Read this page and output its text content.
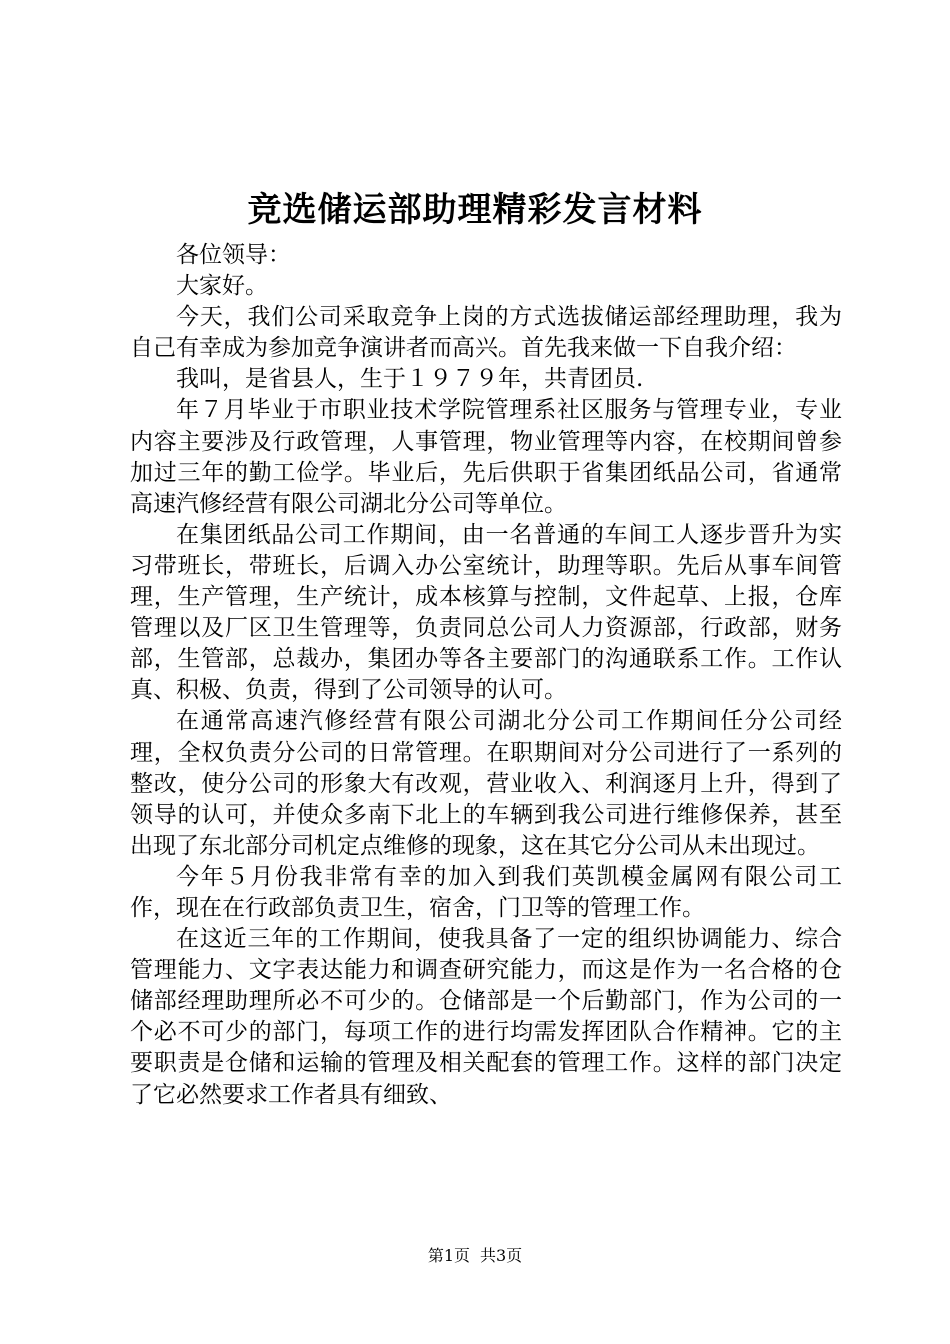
竞选储运部助理精彩发言材料

各位领导：

大家好。

今天，我们公司采取竞争上岗的方式选拔储运部经理助理，我为自己有幸成为参加竞争演讲者而高兴。首先我来做一下自我介绍：

我叫，是省县人，生于１９７９年，共青团员.

年７月毕业于市职业技术学院管理系社区服务与管理专业，专业内容主要涉及行政管理，人事管理，物业管理等内容，在校期间曾参加过三年的勤工俭学。毕业后，先后供职于省集团纸品公司，省通常高速汽修经营有限公司湖北分公司等单位。

在集团纸品公司工作期间，由一名普通的车间工人逐步晋升为实习带班长，带班长，后调入办公室统计，助理等职。先后从事车间管理，生产管理，生产统计，成本核算与控制，文件起草、上报，仓库管理以及厂区卫生管理等，负责同总公司人力资源部，行政部，财务部，生管部，总裁办，集团办等各主要部门的沟通联系工作。工作认真、积极、负责，得到了公司领导的认可。

在通常高速汽修经营有限公司湖北分公司工作期间任分公司经理，全权负责分公司的日常管理。在职期间对分公司进行了一系列的整改，使分公司的形象大有改观，营业收入、利润逐月上升，得到了领导的认可，并使众多南下北上的车辆到我公司进行维修保养，甚至出现了东北部分司机定点维修的现象，这在其它分公司从未出现过。

今年５月份我非常有幸的加入到我们英凯模金属网有限公司工作，现在在行政部负责卫生，宿舍，门卫等的管理工作。

在这近三年的工作期间，使我具备了一定的组织协调能力、综合管理能力、文字表达能力和调查研究能力，而这是作为一名合格的仓储部经理助理所必不可少的。仓储部是一个后勤部门，作为公司的一个必不可少的部门，每项工作的进行均需发挥团队合作精神。它的主要职责是仓储和运输的管理及相关配套的管理工作。这样的部门决定了它必然要求工作者具有细致、

第1页 共3页
